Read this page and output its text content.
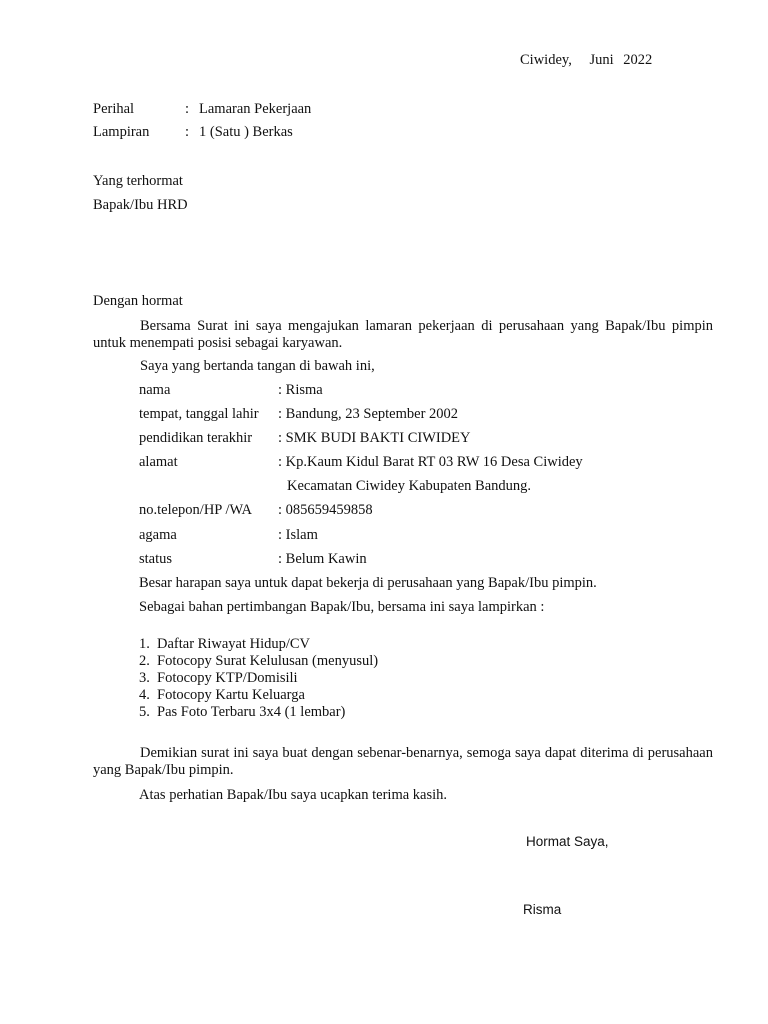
Ciwidey, Juni 2022
Perihal	: Lamaran Pekerjaan
Lampiran : 1 (Satu ) Berkas
Yang terhormat
Bapak/Ibu HRD
Dengan hormat
Bersama Surat ini saya mengajukan lamaran pekerjaan di perusahaan yang Bapak/Ibu pimpin untuk menempati posisi sebagai karyawan.
Saya yang bertanda tangan di bawah ini,
nama	: Risma
tempat, tanggal lahir : Bandung, 23 September 2002
pendidikan terakhir : SMK BUDI BAKTI CIWIDEY
alamat	: Kp.Kaum Kidul Barat RT 03 RW 16 Desa Ciwidey
Kecamatan Ciwidey Kabupaten Bandung.
no.telepon/HP /WA : 085659459858
agama	: Islam
status	: Belum Kawin
Besar harapan saya untuk dapat bekerja di perusahaan yang Bapak/Ibu pimpin.
Sebagai bahan pertimbangan Bapak/Ibu, bersama ini saya lampirkan :
1. Daftar Riwayat Hidup/CV
2. Fotocopy Surat Kelulusan (menyusul)
3. Fotocopy KTP/Domisili
4. Fotocopy Kartu Keluarga
5. Pas Foto Terbaru 3x4 (1 lembar)
Demikian surat ini saya buat dengan sebenar-benarnya, semoga saya dapat diterima di perusahaan yang Bapak/Ibu pimpin.
Atas perhatian Bapak/Ibu saya ucapkan terima kasih.
Hormat Saya,
Risma
